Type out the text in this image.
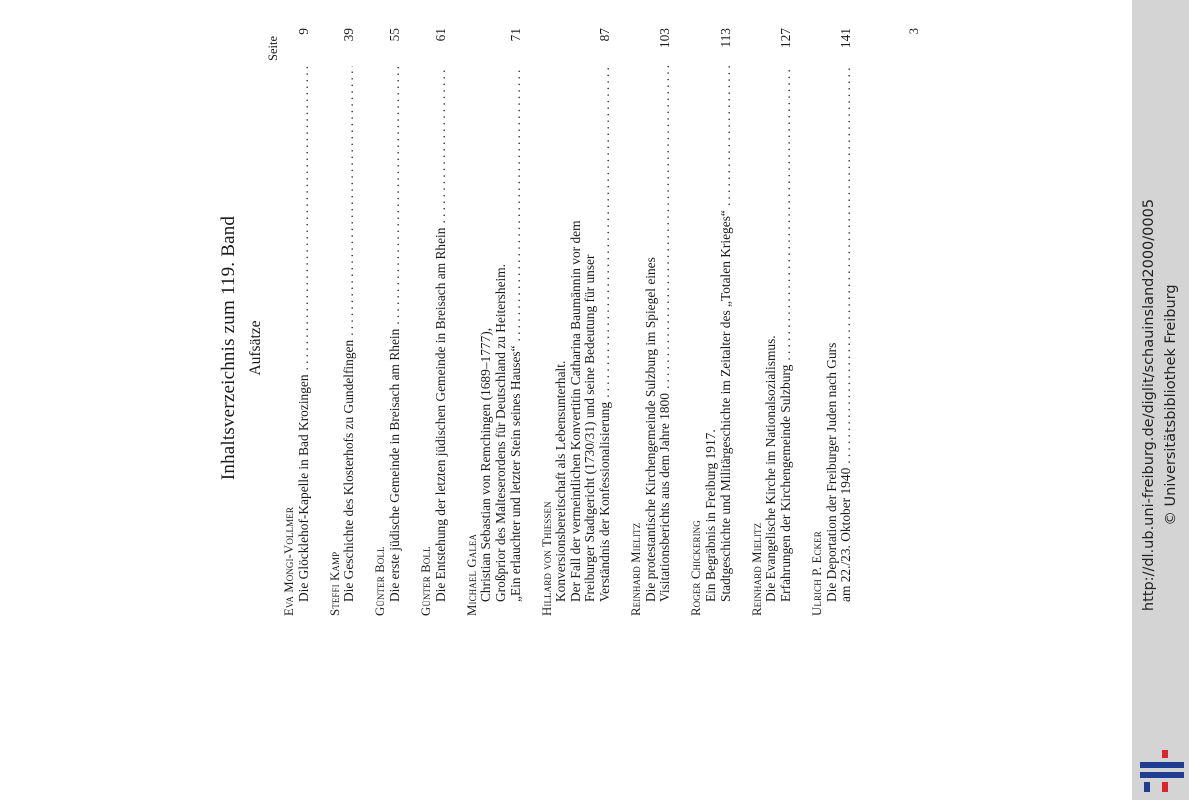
http://dl.ub.uni-freiburg.de/diglit/schauinsland2000/0005 © Universitätsbibliothek Freiburg
Inhaltsverzeichnis zum 119. Band Aufsätze
Seite
Eva Mongi-Vollmer Die Glöcklehof-Kapelle in Bad Krozingen
.....
9
Steffi Kamp Die Geschichte des Klosterhofs zu Gundelfingen
.....
39
Günter Boll Die erste jüdische Gemeinde in Breisach am Rhein
.....
55
Günter Boll Die Entstehung der letzten jüdischen Gemeinde in Breisach am Rhein
.....
61
Michael Galea Christian Sebastian von Remchingen (1689–1777), Großprior des Malteserordens für Deutschland zu Heitersheim. „Ein erlauchter und letzter Stein seines Hauses“
.....
71
Hillard von Thiessen Konversionsbereitschaft als Lebensunterhalt. Der Fall der vermeintlichen Konvertitin Catharina Baumännin vor dem Freiburger Stadtgericht (1730/31) und seine Bedeutung für unser Verständnis der Konfessionalisierung
.....
87
Reinhard Mielitz Die protestantische Kirchengemeinde Sulzburg im Spiegel eines Visitationsberichts aus dem Jahre 1800
.....
103
Roger Chickering Ein Begräbnis in Freiburg 1917. Stadtgeschichte und Militärgeschichte im Zeitalter des „Totalen Krieges“
.....
113
Reinhard Mielitz Die Evangelische Kirche im Nationalsozialismus. Erfahrungen der Kirchengemeinde Sulzburg
.....
127
Ulrich P. Ecker Die Deportation der Freiburger Juden nach Gurs am 22./23. Oktober 1940
.....
141	3
